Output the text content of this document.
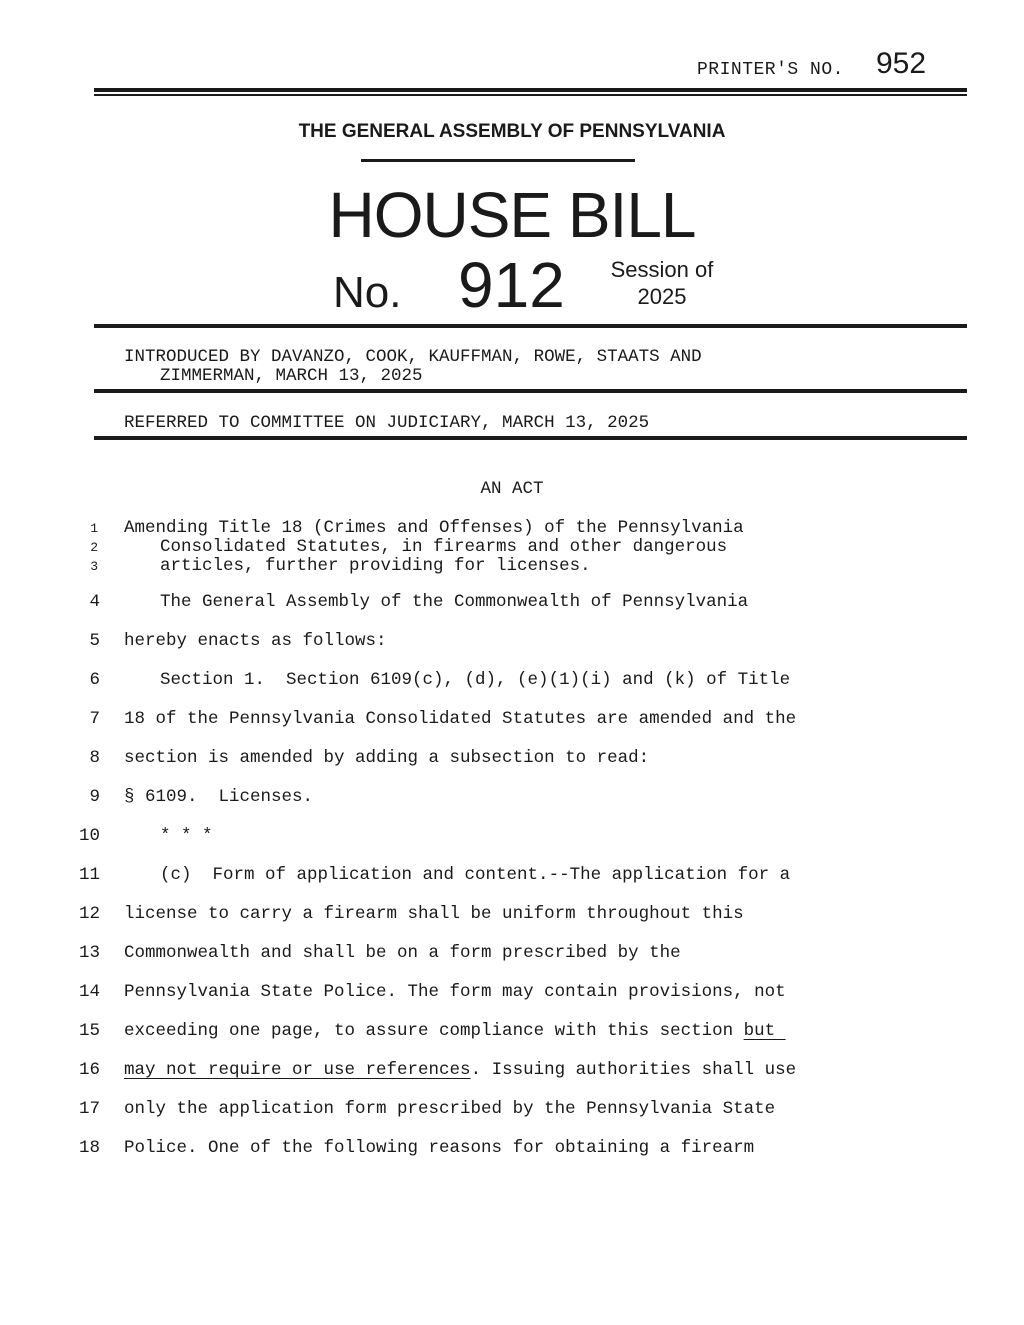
PRINTER'S NO. 952
THE GENERAL ASSEMBLY OF PENNSYLVANIA
HOUSE BILL
No. 912	Session of
2025
INTRODUCED BY DAVANZO, COOK, KAUFFMAN, ROWE, STAATS AND
ZIMMERMAN, MARCH 13, 2025
REFERRED TO COMMITTEE ON JUDICIARY, MARCH 13, 2025
AN ACT
1 Amending Title 18 (Crimes and Offenses) of the Pennsylvania
2	Consolidated Statutes, in firearms and other dangerous
3	articles, further providing for licenses.
4	The General Assembly of the Commonwealth of Pennsylvania
5 hereby enacts as follows:
6	Section 1.  Section 6109(c), (d), (e)(1)(i) and (k) of Title
7 18 of the Pennsylvania Consolidated Statutes are amended and the
8 section is amended by adding a subsection to read:
9 § 6109.  Licenses.
10	* * *
11	(c)  Form of application and content.--The application for a
12 license to carry a firearm shall be uniform throughout this
13 Commonwealth and shall be on a form prescribed by the
14 Pennsylvania State Police. The form may contain provisions, not
15 exceeding one page, to assure compliance with this section but
16 may not require or use references. Issuing authorities shall use
17 only the application form prescribed by the Pennsylvania State
18 Police. One of the following reasons for obtaining a firearm
